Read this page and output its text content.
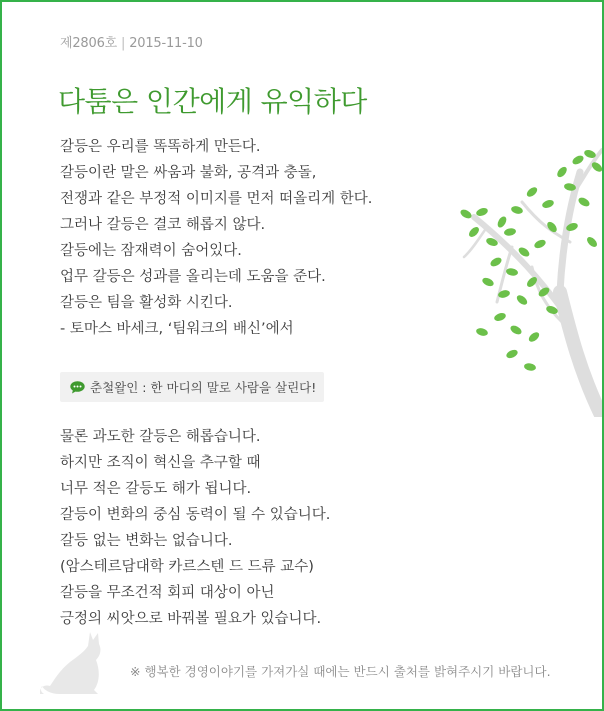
제2806호 | 2015-11-10
다툼은 인간에게 유익하다
갈등은 우리를 똑똑하게 만든다.
갈등이란 말은 싸움과 불화, 공격과 충돌,
전쟁과 같은 부정적 이미지를 먼저 떠올리게 한다.
그러나 갈등은 결코 해롭지 않다.
갈등에는 잠재력이 숨어있다.
업무 갈등은 성과를 올리는데 도움을 준다.
갈등은 팀을 활성화 시킨다.
- 토마스 바세크, ‘팀워크의 배신’에서
춘철왈인 : 한 마디의 말로 사람을 살린다!
물론 과도한 갈등은 해롭습니다.
하지만 조직이 혁신을 추구할 때
너무 적은 갈등도 해가 됩니다.
갈등이 변화의 중심 동력이 될 수 있습니다.
갈등 없는 변화는 없습니다.
(암스테르담대학 카르스텐 드 드류 교수)
갈등을 무조건적 회피 대상이 아닌
긍정의 씨앗으로 바꿔볼 필요가 있습니다.
※ 행복한 경영이야기를 가져가실 때에는 반드시 출처를 밝혀주시기 바랍니다.
